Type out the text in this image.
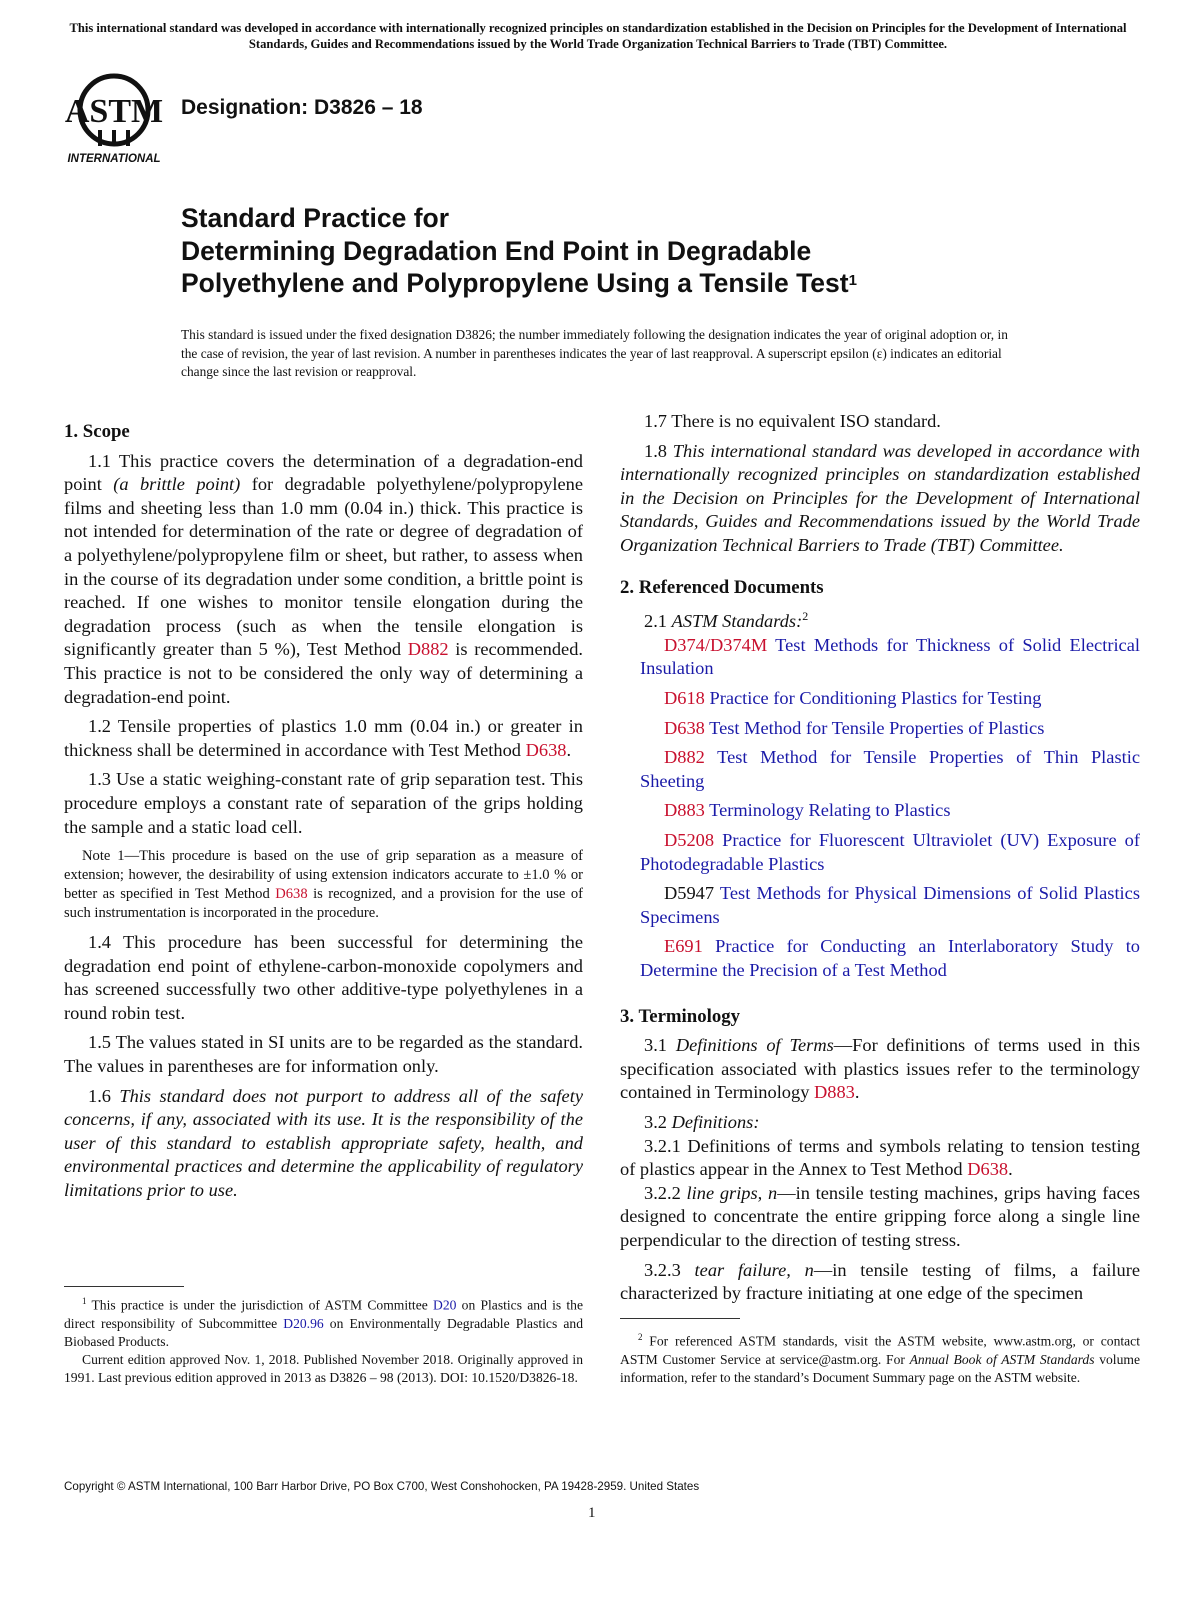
This international standard was developed in accordance with internationally recognized principles on standardization established in the Decision on Principles for the Development of International Standards, Guides and Recommendations issued by the World Trade Organization Technical Barriers to Trade (TBT) Committee.
ASTM
INTERNATIONAL
Designation: D3826 – 18
Standard Practice for
Determining Degradation End Point in Degradable
Polyethylene and Polypropylene Using a Tensile Test$^1$
This standard is issued under the fixed designation D3826; the number immediately following the designation indicates the year of original adoption or, in the case of revision, the year of last revision. A number in parentheses indicates the year of last reapproval. A superscript epsilon (ε) indicates an editorial change since the last revision or reapproval.
1. Scope

1.1 This practice covers the determination of a degradation-end point (a brittle point) for degradable polyethylene/polypropylene films and sheeting less than 1.0 mm (0.04 in.) thick. This practice is not intended for determination of the rate or degree of degradation of a polyethylene/polypropylene film or sheet, but rather, to assess when in the course of its degradation under some condition, a brittle point is reached. If one wishes to monitor tensile elongation during the degradation process (such as when the tensile elongation is significantly greater than 5 %), Test Method D882 is recommended. This practice is not to be considered the only way of determining a degradation-end point.

1.2 Tensile properties of plastics 1.0 mm (0.04 in.) or greater in thickness shall be determined in accordance with Test Method D638.

1.3 Use a static weighing-constant rate of grip separation test. This procedure employs a constant rate of separation of the grips holding the sample and a static load cell.

Note 1—This procedure is based on the use of grip separation as a measure of extension; however, the desirability of using extension indicators accurate to ±1.0 % or better as specified in Test Method D638 is recognized, and a provision for the use of such instrumentation is incorporated in the procedure.

1.4 This procedure has been successful for determining the degradation end point of ethylene-carbon-monoxide copolymers and has screened successfully two other additive-type polyethylenes in a round robin test.

1.5 The values stated in SI units are to be regarded as the standard. The values in parentheses are for information only.

1.6 This standard does not purport to address all of the safety concerns, if any, associated with its use. It is the responsibility of the user of this standard to establish appropriate safety, health, and environmental practices and determine the applicability of regulatory limitations prior to use.

1.7 There is no equivalent ISO standard.

1.8 This international standard was developed in accordance with internationally recognized principles on standardization established in the Decision on Principles for the Development of International Standards, Guides and Recommendations issued by the World Trade Organization Technical Barriers to Trade (TBT) Committee.

2. Referenced Documents

2.1 ASTM Standards:$^2$

D374/D374M Test Methods for Thickness of Solid Electrical Insulation

D618 Practice for Conditioning Plastics for Testing

D638 Test Method for Tensile Properties of Plastics

D882 Test Method for Tensile Properties of Thin Plastic Sheeting

D883 Terminology Relating to Plastics

D5208 Practice for Fluorescent Ultraviolet (UV) Exposure of Photodegradable Plastics

D5947 Test Methods for Physical Dimensions of Solid Plastics Specimens

E691 Practice for Conducting an Interlaboratory Study to Determine the Precision of a Test Method

3. Terminology

3.1 Definitions of Terms—For definitions of terms used in this specification associated with plastics issues refer to the terminology contained in Terminology D883.

3.2 Definitions:

3.2.1 Definitions of terms and symbols relating to tension testing of plastics appear in the Annex to Test Method D638.

3.2.2 line grips, n—in tensile testing machines, grips having faces designed to concentrate the entire gripping force along a single line perpendicular to the direction of testing stress.

3.2.3 tear failure, n—in tensile testing of films, a failure characterized by fracture initiating at one edge of the specimen

$^1$ This practice is under the jurisdiction of ASTM Committee D20 on Plastics and is the direct responsibility of Subcommittee D20.96 on Environmentally Degradable Plastics and Biobased Products.

Current edition approved Nov. 1, 2018. Published November 2018. Originally approved in 1991. Last previous edition approved in 2013 as D3826 – 98 (2013). DOI: 10.1520/D3826-18.

$^2$ For referenced ASTM standards, visit the ASTM website, www.astm.org, or contact ASTM Customer Service at service@astm.org. For Annual Book of ASTM Standards volume information, refer to the standard’s Document Summary page on the ASTM website.

Copyright © ASTM International, 100 Barr Harbor Drive, PO Box C700, West Conshohocken, PA 19428-2959. United States
1
